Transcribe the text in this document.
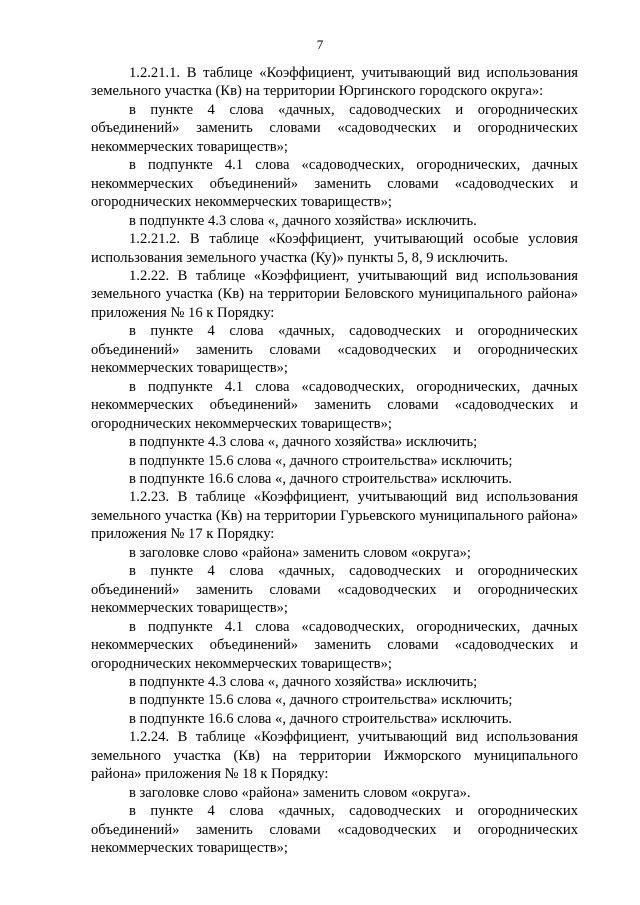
7

1.2.21.1. В таблице «Коэффициент, учитывающий вид использования земельного участка (Кв) на территории Юргинского городского округа»:

в пункте 4 слова «дачных, садоводческих и огороднических объединений» заменить словами «садоводческих и огороднических некоммерческих товариществ»;

в подпункте 4.1 слова «садоводческих, огороднических, дачных некоммерческих объединений» заменить словами «садоводческих и огороднических некоммерческих товариществ»;

в подпункте 4.3 слова «, дачного хозяйства» исключить.

1.2.21.2. В таблице «Коэффициент, учитывающий особые условия использования земельного участка (Ку)» пункты 5, 8, 9 исключить.

1.2.22. В таблице «Коэффициент, учитывающий вид использования земельного участка (Кв) на территории Беловского муниципального района» приложения № 16 к Порядку:

в пункте 4 слова «дачных, садоводческих и огороднических объединений» заменить словами «садоводческих и огороднических некоммерческих товариществ»;

в подпункте 4.1 слова «садоводческих, огороднических, дачных некоммерческих объединений» заменить словами «садоводческих и огороднических некоммерческих товариществ»;

в подпункте 4.3 слова «, дачного хозяйства» исключить;

в подпункте 15.6 слова «, дачного строительства» исключить;

в подпункте 16.6 слова «, дачного строительства» исключить.

1.2.23. В таблице «Коэффициент, учитывающий вид использования земельного участка (Кв) на территории Гурьевского муниципального района» приложения № 17 к Порядку:

в заголовке слово «района» заменить словом «округа»;

в пункте 4 слова «дачных, садоводческих и огороднических объединений» заменить словами «садоводческих и огороднических некоммерческих товариществ»;

в подпункте 4.1 слова «садоводческих, огороднических, дачных некоммерческих объединений» заменить словами «садоводческих и огороднических некоммерческих товариществ»;

в подпункте 4.3 слова «, дачного хозяйства» исключить;

в подпункте 15.6 слова «, дачного строительства» исключить;

в подпункте 16.6 слова «, дачного строительства» исключить.

1.2.24. В таблице «Коэффициент, учитывающий вид использования земельного участка (Кв) на территории Ижморского муниципального района» приложения № 18 к Порядку:

в заголовке слово «района» заменить словом «округа».

в пункте 4 слова «дачных, садоводческих и огороднических объединений» заменить словами «садоводческих и огороднических некоммерческих товариществ»;
